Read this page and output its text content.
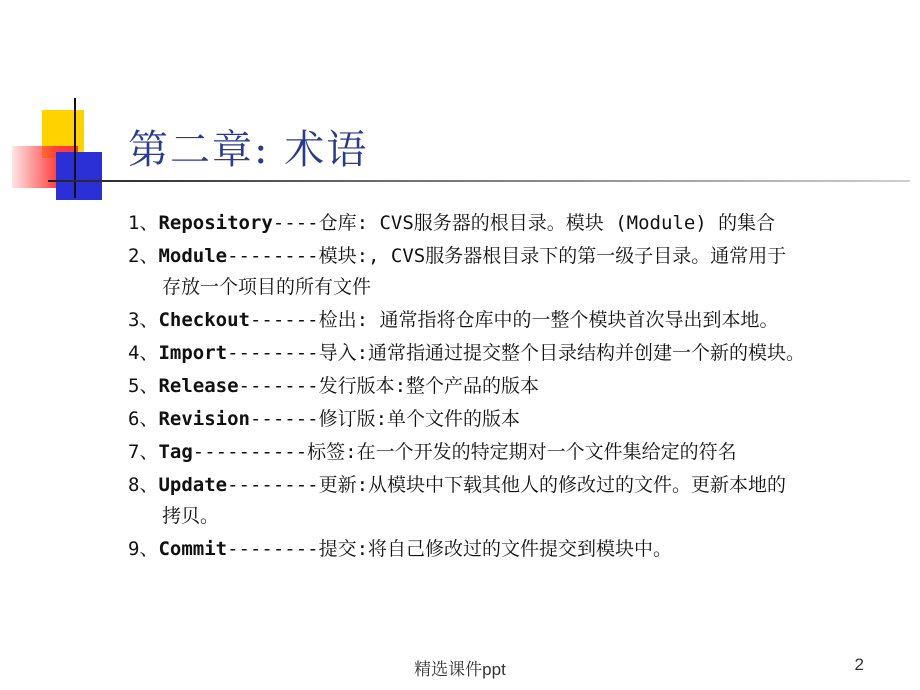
第二章: 术语
1、Repository----仓库: CVS服务器的根目录。模块 (Module) 的集合
2、Module--------模块:, CVS服务器根目录下的第一级子目录。通常用于
存放一个项目的所有文件
3、Checkout------检出: 通常指将仓库中的一整个模块首次导出到本地。
4、Import--------导入:通常指通过提交整个目录结构并创建一个新的模块。
5、Release-------发行版本:整个产品的版本
6、Revision------修订版:单个文件的版本
7、Tag----------标签:在一个开发的特定期对一个文件集给定的符名
8、Update--------更新:从模块中下载其他人的修改过的文件。更新本地的
拷贝。
9、Commit--------提交:将自己修改过的文件提交到模块中。
精选课件ppt	2
